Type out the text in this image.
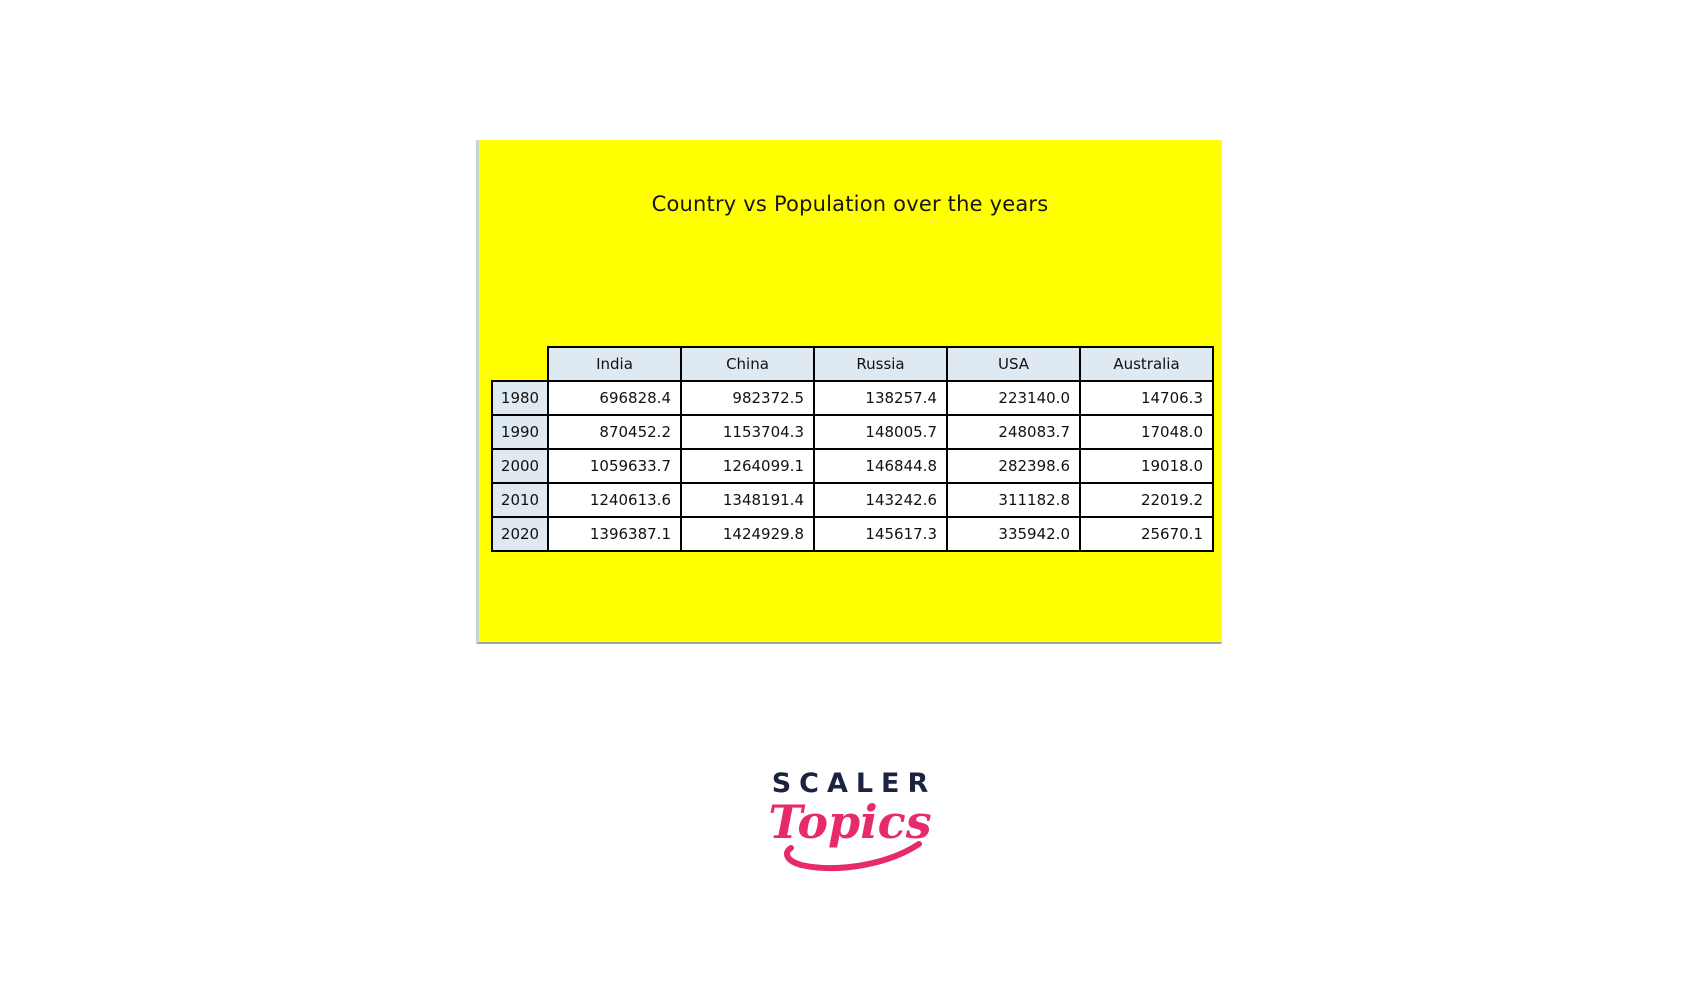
Country vs Population over the years
	India	China	Russia	USA	Australia
1980	696828.4	982372.5	138257.4	223140.0	14706.3
1990	870452.2	1153704.3	148005.7	248083.7	17048.0
2000	1059633.7	1264099.1	146844.8	282398.6	19018.0
2010	1240613.6	1348191.4	143242.6	311182.8	22019.2
2020	1396387.1	1424929.8	145617.3	335942.0	25670.1
SCALER
Topics
